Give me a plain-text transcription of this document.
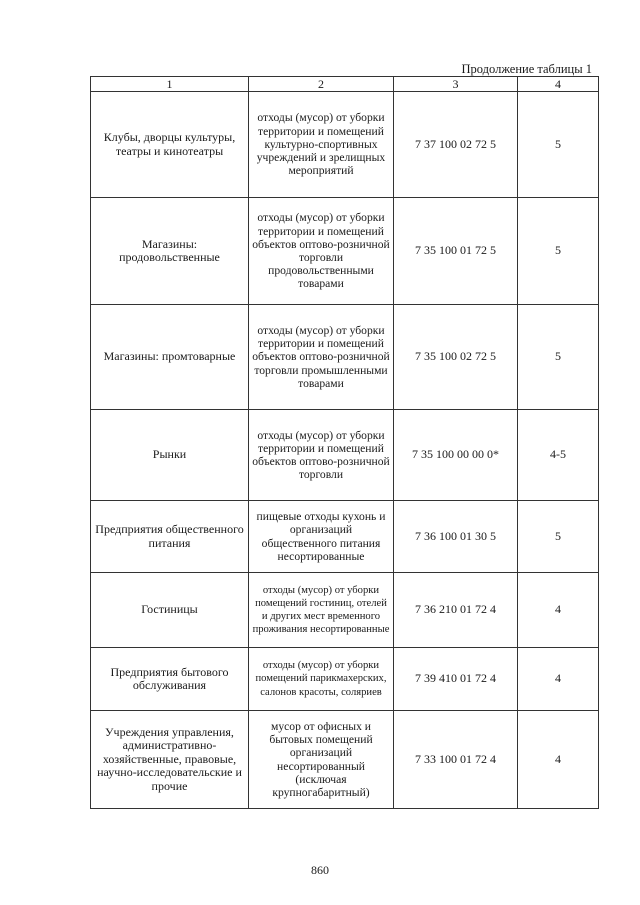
Продолжение таблицы 1
1	2	3	4
Клубы, дворцы культуры, театры и кинотеатры	отходы (мусор) от уборки территории и помещений культурно-спортивных учреждений и зрелищных мероприятий	7 37 100 02 72 5	5
Магазины: продовольственные	отходы (мусор) от уборки территории и помещений объектов оптово-розничной торговли продовольственными товарами	7 35 100 01 72 5	5
Магазины: промтоварные	отходы (мусор) от уборки территории и помещений объектов оптово-розничной торговли промышленными товарами	7 35 100 02 72 5	5
Рынки	отходы (мусор) от уборки территории и помещений объектов оптово-розничной торговли	7 35 100 00 00 0*	4-5
Предприятия общественного питания	пищевые отходы кухонь и организаций общественного питания несортированные	7 36 100 01 30 5	5
Гостиницы	отходы (мусор) от уборки помещений гостиниц, отелей и других мест временного проживания несортированные	7 36 210 01 72 4	4
Предприятия бытового обслуживания	отходы (мусор) от уборки помещений парикмахерских, салонов красоты, соляриев	7 39 410 01 72 4	4
Учреждения управления, административно-хозяйственные, правовые, научно-исследовательские и прочие	мусор от офисных и бытовых помещений организаций несортированный (исключая крупногабаритный)	7 33 100 01 72 4	4
860
